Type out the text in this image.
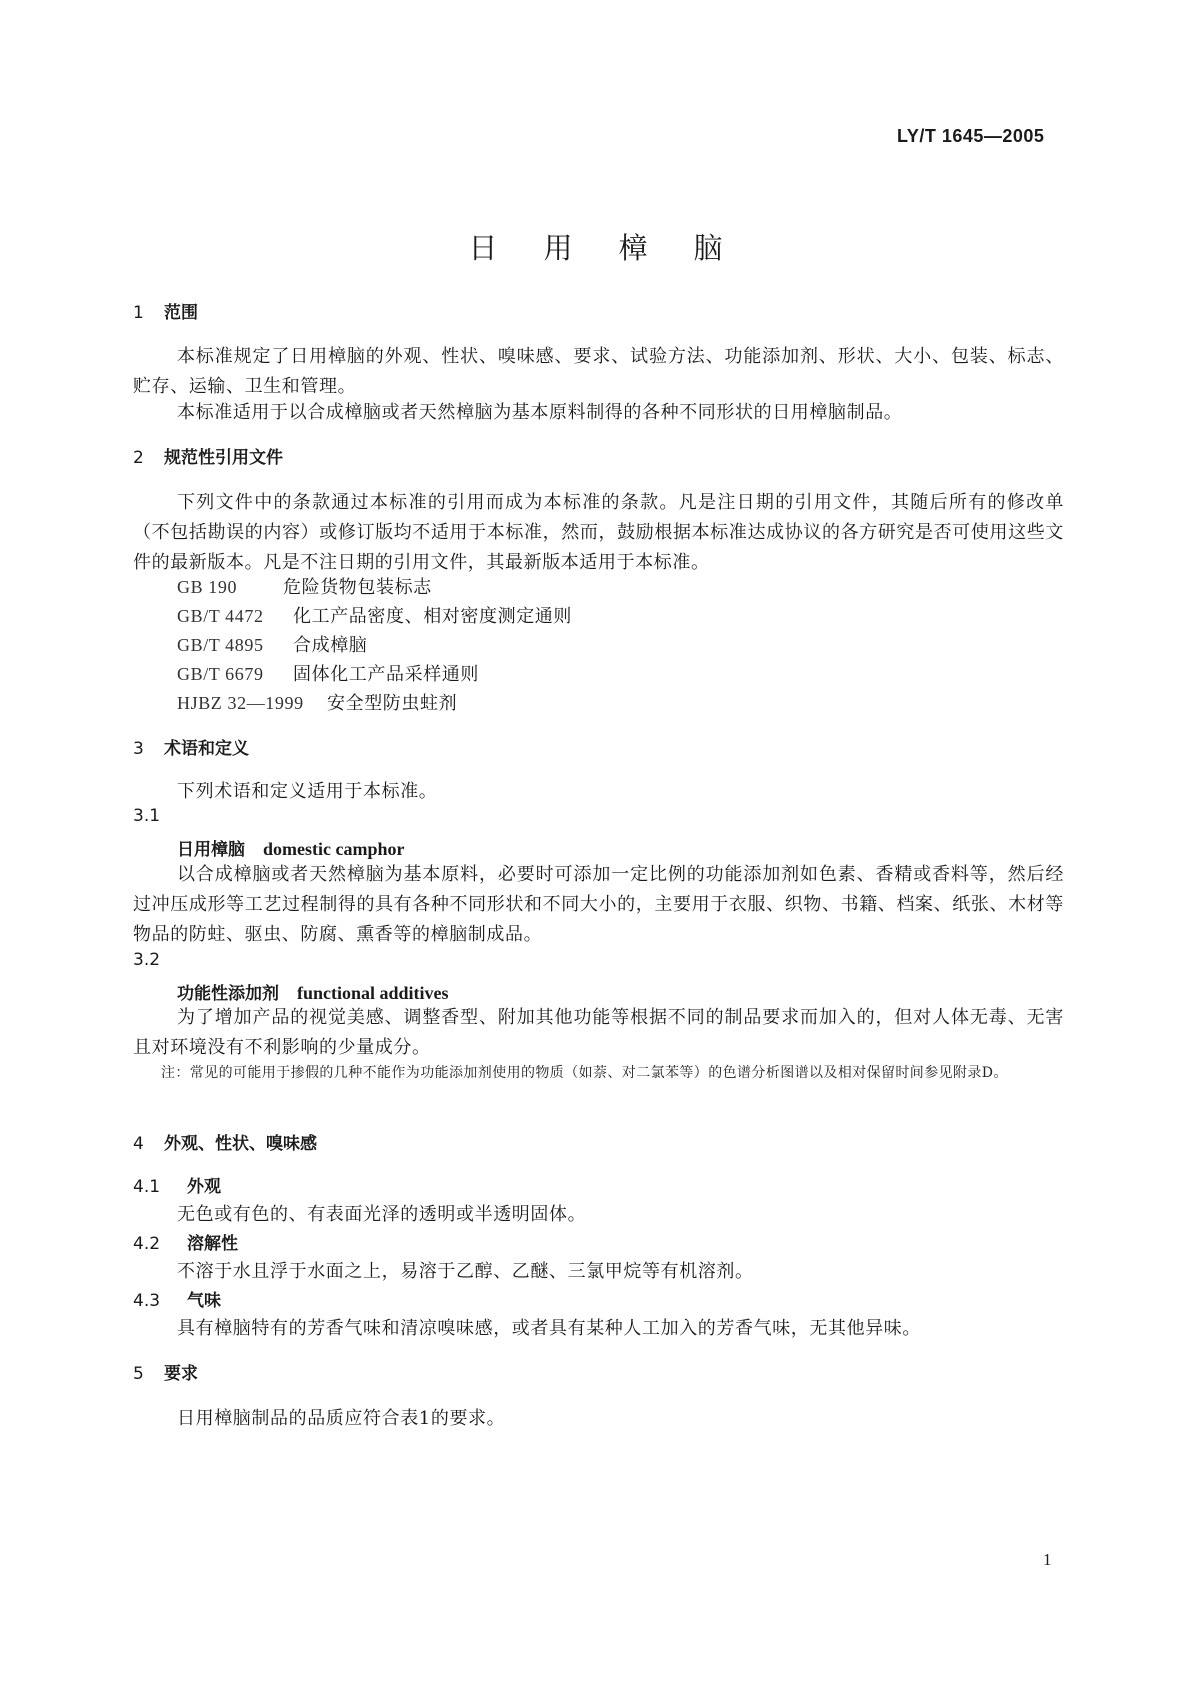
LY/T 1645—2005
日用樟脑
1 范围
本标准规定了日用樟脑的外观、性状、嗅味感、要求、试验方法、功能添加剂、形状、大小、包装、标志、贮存、运输、卫生和管理。
本标准适用于以合成樟脑或者天然樟脑为基本原料制得的各种不同形状的日用樟脑制品。
2 规范性引用文件
下列文件中的条款通过本标准的引用而成为本标准的条款。凡是注日期的引用文件，其随后所有的修改单（不包括勘误的内容）或修订版均不适用于本标准，然而，鼓励根据本标准达成协议的各方研究是否可使用这些文件的最新版本。凡是不注日期的引用文件，其最新版本适用于本标准。
GB 190	危险货物包装标志
GB/T 4472 化工产品密度、相对密度测定通则
GB/T 4895 合成樟脑
GB/T 6679 固体化工产品采样通则
HJBZ 32—1999 安全型防虫蛀剂
3 术语和定义
下列术语和定义适用于本标准。
3.1
日用樟脑 domestic camphor
以合成樟脑或者天然樟脑为基本原料，必要时可添加一定比例的功能添加剂如色素、香精或香料等，然后经过冲压成形等工艺过程制得的具有各种不同形状和不同大小的，主要用于衣服、织物、书籍、档案、纸张、木材等物品的防蛀、驱虫、防腐、熏香等的樟脑制成品。
3.2
功能性添加剂 functional additives
为了增加产品的视觉美感、调整香型、附加其他功能等根据不同的制品要求而加入的，但对人体无毒、无害且对环境没有不利影响的少量成分。
注：常见的可能用于掺假的几种不能作为功能添加剂使用的物质（如萘、对二氯苯等）的色谱分析图谱以及相对保留时间参见附录D。
4 外观、性状、嗅味感
4.1 外观
无色或有色的、有表面光泽的透明或半透明固体。
4.2 溶解性
不溶于水且浮于水面之上，易溶于乙醇、乙醚、三氯甲烷等有机溶剂。
4.3 气味
具有樟脑特有的芳香气味和清凉嗅味感，或者具有某种人工加入的芳香气味，无其他异味。
5 要求
日用樟脑制品的品质应符合表1的要求。
1
